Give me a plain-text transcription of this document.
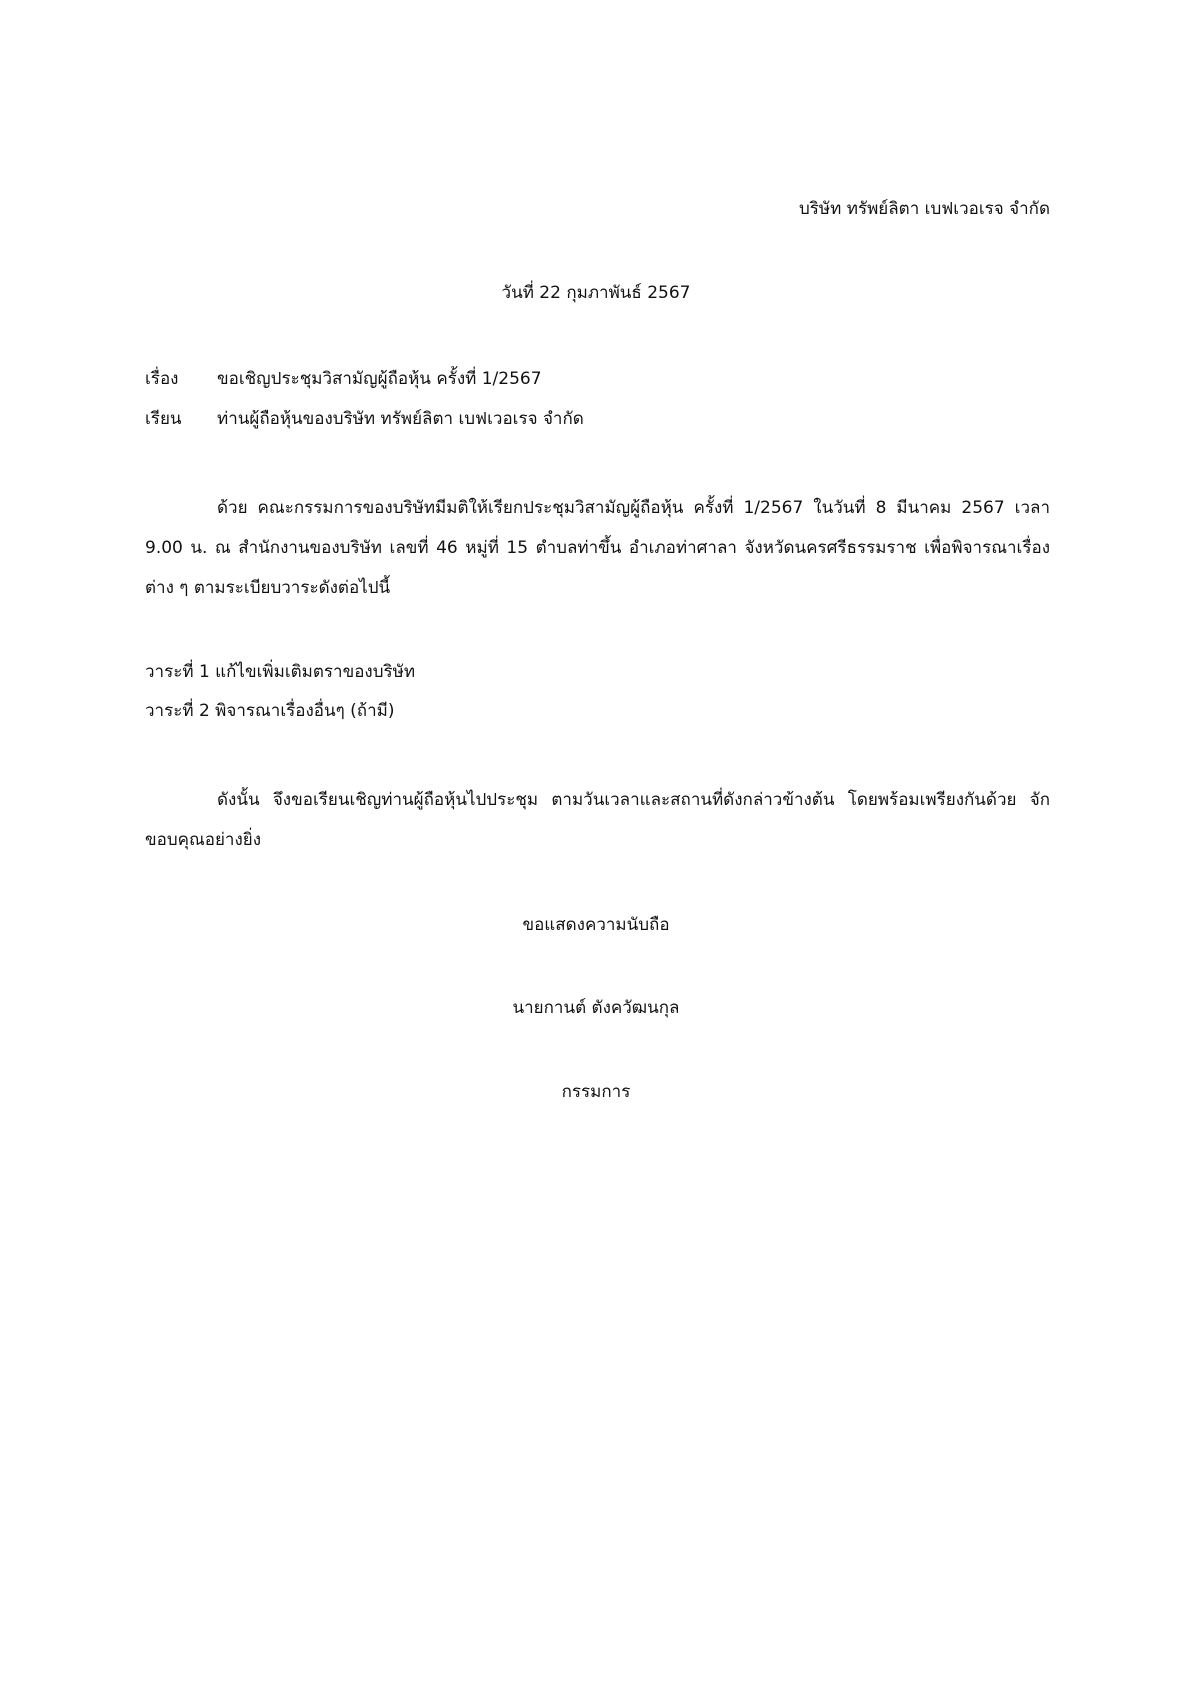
บริษัท ทรัพย์ลิตา เบฟเวอเรจ จำกัด
วันที่ 22 กุมภาพันธ์ 2567
เรื่อง ขอเชิญประชุมวิสามัญผู้ถือหุ้น ครั้งที่ 1/2567
เรียน ท่านผู้ถือหุ้นของบริษัท ทรัพย์ลิตา เบฟเวอเรจ จำกัด
ด้วย คณะกรรมการของบริษัทมีมติให้เรียกประชุมวิสามัญผู้ถือหุ้น ครั้งที่ 1/2567 ในวันที่ 8 มีนาคม 2567 เวลา 9.00 น. ณ สำนักงานของบริษัท เลขที่ 46 หมู่ที่ 15 ตำบลท่าขึ้น อำเภอท่าศาลา จังหวัดนครศรีธรรมราช เพื่อพิจารณาเรื่องต่าง ๆ ตามระเบียบวาระดังต่อไปนี้
วาระที่ 1 แก้ไขเพิ่มเติมตราของบริษัท
วาระที่ 2 พิจารณาเรื่องอื่นๆ (ถ้ามี)
ดังนั้น จึงขอเรียนเชิญท่านผู้ถือหุ้นไปประชุม ตามวันเวลาและสถานที่ดังกล่าวข้างต้น โดยพร้อมเพรียงกันด้วย จักขอบคุณอย่างยิ่ง
ขอแสดงความนับถือ
นายกานต์ ตังควัฒนกุล
กรรมการ
